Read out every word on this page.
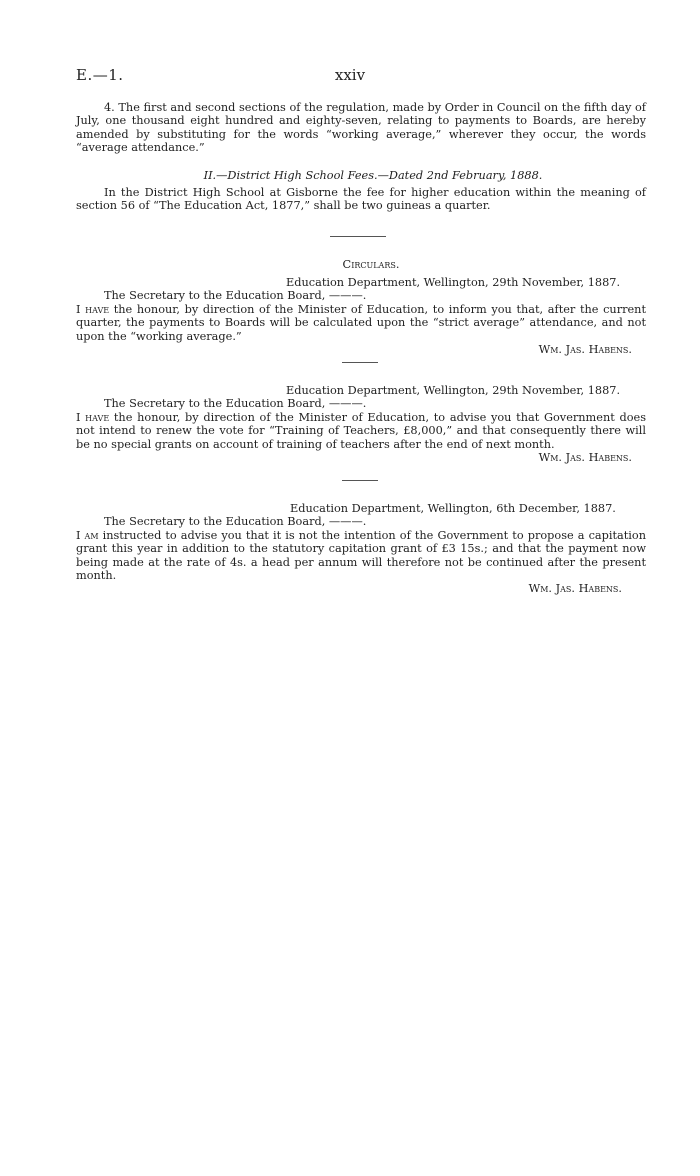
E.—1.	xxiv

4. The first and second sections of the regulation, made by Order in Council on the fifth day of July, one thousand eight hundred and eighty-seven, relating to payments to Boards, are hereby amended by substituting for the words “working average,” wherever they occur, the words “average attendance.”

II.—District High School Fees.—Dated 2nd February, 1888.

In the District High School at Gisborne the fee for higher education within the meaning of section 56 of “The Education Act, 1877,” shall be two guineas a quarter.

Circulars.

Education Department, Wellington, 29th November, 1887.

The Secretary to the Education Board, ———.

I have the honour, by direction of the Minister of Education, to inform you that, after the current quarter, the payments to Boards will be calculated upon the “strict average” attendance, and not upon the “working average.”

Wm. Jas. Habens.

Education Department, Wellington, 29th November, 1887.

The Secretary to the Education Board, ———.

I have the honour, by direction of the Minister of Education, to advise you that Government does not intend to renew the vote for “Training of Teachers, £8,000,” and that consequently there will be no special grants on account of training of teachers after the end of next month.

Wm. Jas. Habens.

Education Department, Wellington, 6th December, 1887.

The Secretary to the Education Board, ———.

I am instructed to advise you that it is not the intention of the Government to propose a capitation grant this year in addition to the statutory capitation grant of £3 15s.; and that the payment now being made at the rate of 4s. a head per annum will therefore not be continued after the present month.

Wm. Jas. Habens.
